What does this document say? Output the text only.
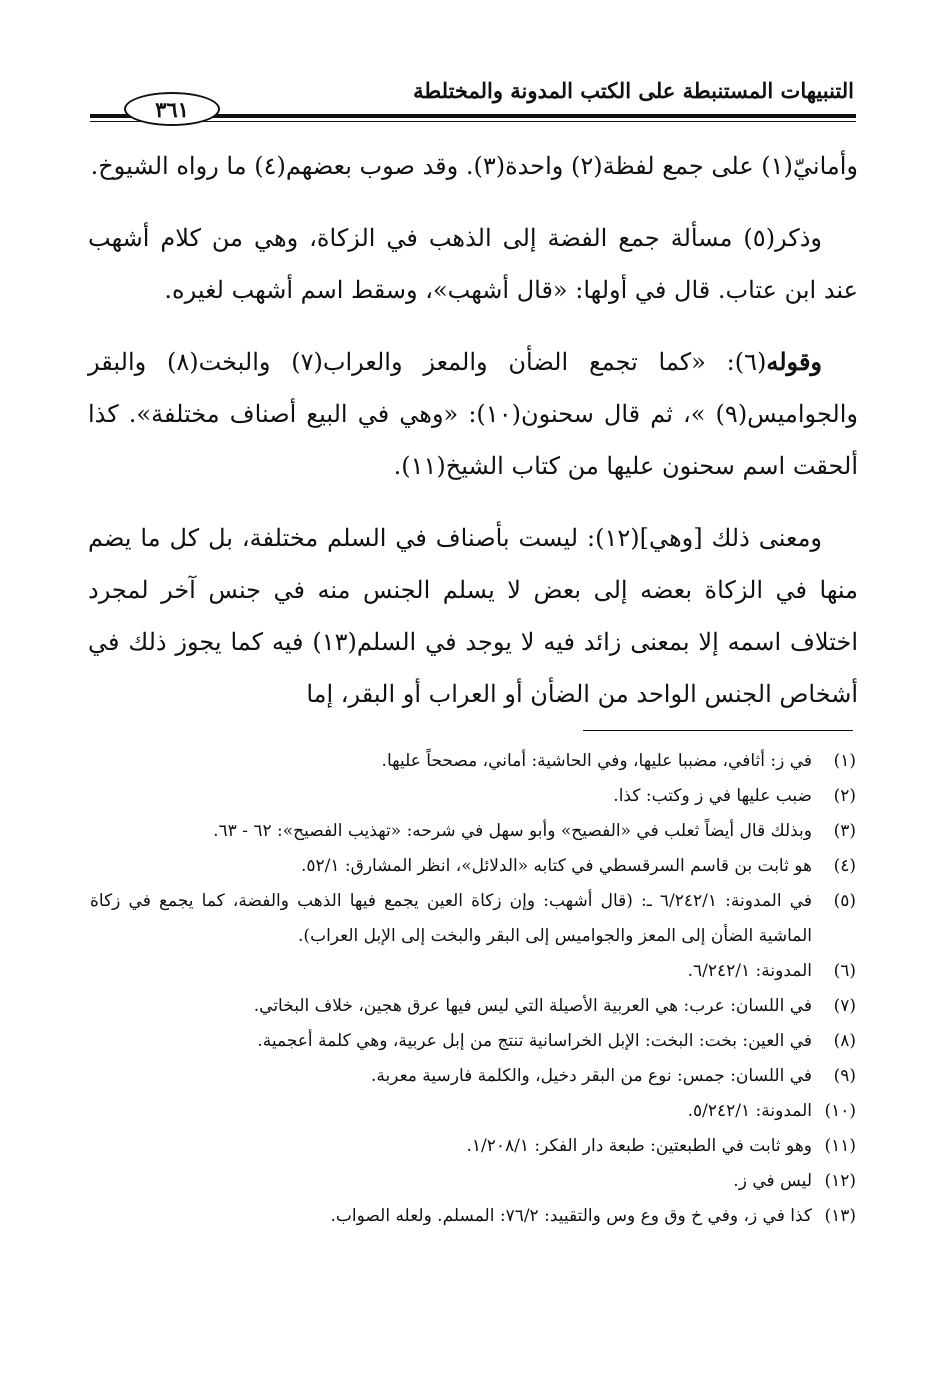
التنبيهات المستنبطة على الكتب المدونة والمختلطة
٣٦١

وأمانيّ(١) على جمع لفظة(٢) واحدة(٣). وقد صوب بعضهم(٤) ما رواه الشيوخ.

وذكر(٥) مسألة جمع الفضة إلى الذهب في الزكاة، وهي من كلام أشهب عند ابن عتاب. قال في أولها: «قال أشهب»، وسقط اسم أشهب لغيره.

وقوله(٦): «كما تجمع الضأن والمعز والعراب(٧) والبخت(٨) والبقر والجواميس(٩) »، ثم قال سحنون(١٠): «وهي في البيع أصناف مختلفة». كذا ألحقت اسم سحنون عليها من كتاب الشيخ(١١).

ومعنى ذلك [وهي](١٢): ليست بأصناف في السلم مختلفة، بل كل ما يضم منها في الزكاة بعضه إلى بعض لا يسلم الجنس منه في جنس آخر لمجرد اختلاف اسمه إلا بمعنى زائد فيه لا يوجد في السلم(١٣) فيه كما يجوز ذلك في أشخاص الجنس الواحد من الضأن أو العراب أو البقر، إما

(١)
في ز: أثافي، مضببا عليها، وفي الحاشية: أماني، مصححاً عليها.
(٢)
ضبب عليها في ز وكتب: كذا.
(٣)
وبذلك قال أيضاً ثعلب في «الفصيح» وأبو سهل في شرحه: «تهذيب الفصيح»: ٦٢ - ٦٣.
(٤)
هو ثابت بن قاسم السرقسطي في كتابه «الدلائل»، انظر المشارق: ٥٢/١.
(٥)
في المدونة: ٦/٢٤٢/١ ـ: (قال أشهب: وإن زكاة العين يجمع فيها الذهب والفضة، كما يجمع في زكاة الماشية الضأن إلى المعز والجواميس إلى البقر والبخت إلى الإبل العراب).
(٦)
المدونة: ٦/٢٤٢/١.
(٧)
في اللسان: عرب: هي العربية الأصيلة التي ليس فيها عرق هجين، خلاف البخاتي.
(٨)
في العين: بخت: البخت: الإبل الخراسانية تنتج من إبل عربية، وهي كلمة أعجمية.
(٩)
في اللسان: جمس: نوع من البقر دخيل، والكلمة فارسية معربة.
(١٠)
المدونة: ٥/٢٤٢/١.
(١١)
وهو ثابت في الطبعتين: طبعة دار الفكر: ١/٢٠٨/١.
(١٢)
ليس في ز.
(١٣)
كذا في ز، وفي خ وق وع وس والتقييد: ٧٦/٢: المسلم. ولعله الصواب.
